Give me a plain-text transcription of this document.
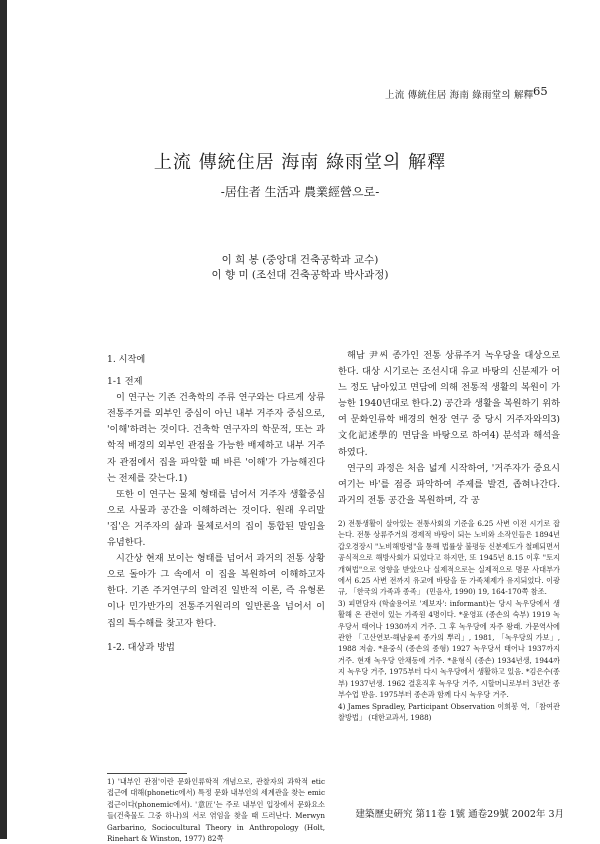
上流 傳統住居 海南 綠雨堂의 解釋 65
上流 傳統住居 海南 綠雨堂의 解釋
-居住者 生活과 農業經營으로-
이 희 봉 (중앙대 건축공학과 교수)
이 향 미 (조선대 건축공학과 박사과정)
1. 시작에
1-1 전제

이 연구는 기존 건축학의 주류 연구와는 다르게 상류전통주거를 외부인 중심이 아닌 내부 거주자 중심으로, '이해'하려는 것이다. 건축학 연구자의 학문적, 또는 과학적 배경의 외부인 관점을 가능한 배제하고 내부 거주자 관점에서 집을 파악할 때 바른 '이해'가 가능해진다는 전제를 갖는다.1)

또한 이 연구는 물체 형태를 넘어서 거주자 생활중심으로 사물과 공간을 이해하려는 것이다. 원래 우리말 '집'은 거주자의 삶과 물체로서의 집이 통합된 말임을 유념한다.

시간상 현재 보이는 형태를 넘어서 과거의 전통 상황으로 돌아가 그 속에서 이 집을 복원하여 이해하고자 한다. 기존 주거연구의 알려진 일반적 이론, 즉 유형론이나 민가반가의 전통주거원리의 일반론을 넘어서 이 집의 특수해를 찾고자 한다.

1-2. 대상과 방법
1) '내부인 관점'이란 문화인류학적 개념으로, 관찰자의 과학적 etic 접근에 대해(phonetic에서) 특정 문화 내부인의 세계관을 찾는 emic 접근이다(phonemic에서). '意匠'는 주로 내부인 입장에서 문화요소들(건축물도 그중 하나)의 서로 엮임을 찾을 때 드러난다. Merwyn Garbarino, Sociocultural Theory in Anthropology (Holt, Rinehart & Winston, 1977) 82쪽

해남 尹씨 종가인 전통 상류주거 녹우당을 대상으로 한다. 대상 시기로는 조선시대 유교 바탕의 신분제가 어느 정도 남아있고 면담에 의해 전통적 생활의 복원이 가능한 1940년대로 한다.2) 공간과 생활을 복원하기 위하여 문화인류학 배경의 현장 연구 중 당시 거주자와의3) 文化記述學的 면담을 바탕으로 하여4) 분석과 해석을 하였다.

연구의 과정은 처음 넓게 시작하여, '거주자가 중요시 여기는 바'를 점증 파악하여 주제를 발견, 좁혀나간다. 과거의 전통 공간을 복원하며, 각 공

2) 전통생활이 살아있는 전통사회의 기준을 6.25 사변 이전 시기로 잡는다. 전통 상류주거의 경제적 바탕이 되는 노비와 소작인들은 1894년 갑오경장시 "노비해방령"을 통해 법률상 불평등 신분제도가 철폐되면서 공식적으로 해방사회가 되었다고 하지만, 또 1945년 8.15 이후 "토지개혁법"으로 영향을 받았으나 실제적으로는 실제적으로 명문 사대부가에서 6.25 사변 전까지 유교에 바탕을 둔 가족체제가 유지되었다. 이광규, 「한국의 가족과 종족」 (민음사, 1990) 19, 164-170쪽 참조.
3) 피면담자 (학술용어로 '제보자': informant)는 당시 녹우당에서 생활해 온 관련이 있는 가족원 4명이다. *윤영표 (종손의 숙부) 1919 녹우당서 태어나 1930까지 거주. 그 후 녹우당에 자주 왕래. 가문역사에 관한 「고산연보-해남윤씨 종가의 뿌리」, 1981, 「녹우당의 가보」, 1988 저술. *윤중식 (종손의 종형) 1927 녹우당서 태어나 1937까지 거주. 현재 녹우당 안채동에 거주. *윤형식 (종손) 1934년생, 1944까지 녹우당 거주, 1975부터 다시 녹우당에서 생활하고 있음. *김은수(종부) 1937년생. 1962 결혼직후 녹우당 거주, 시할머니로부터 3년간 종부수업 받음. 1975부터 종손과 함께 다시 녹우당 거주.
4) James Spradley, Participant Observation 이희봉 역, 「참여관찰방법」 (대한교과서, 1988)
建築歷史硏究 第11卷 1號 通卷29號 2002年 3月
